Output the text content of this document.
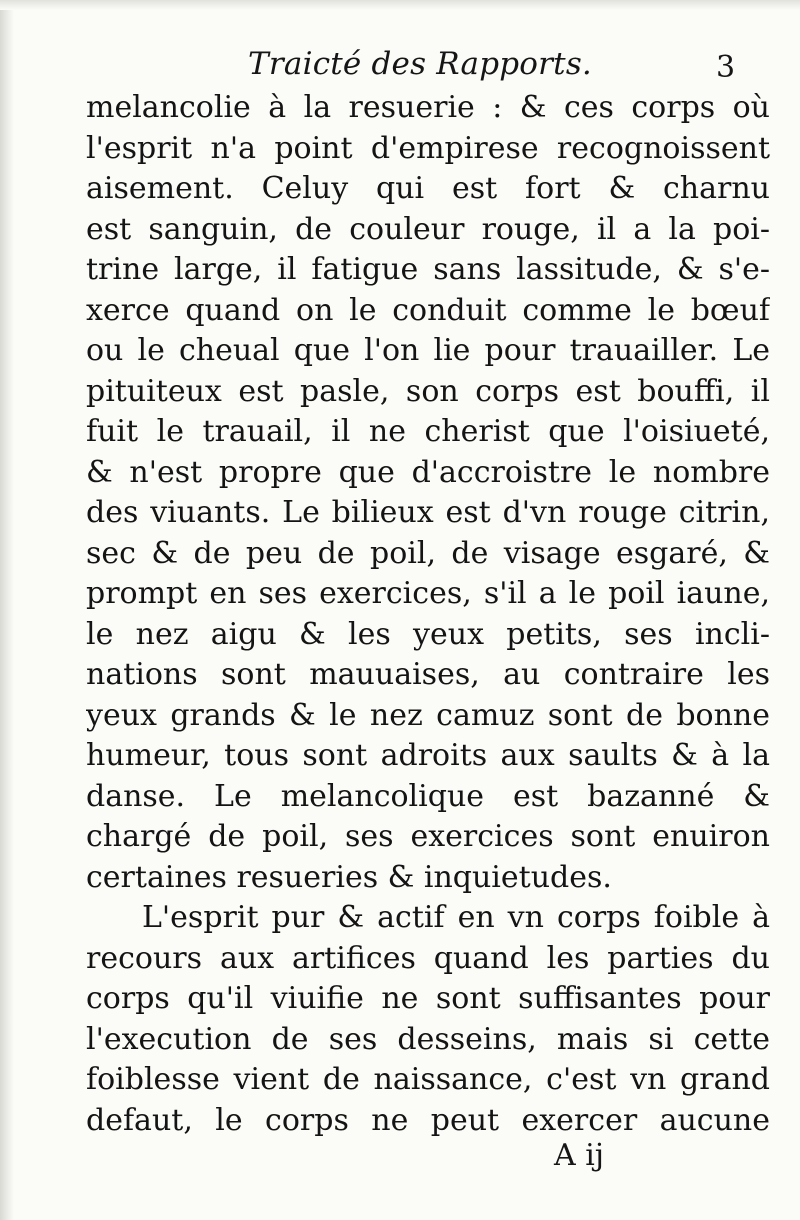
Traicté des Rapports.	3
melancolie à la resuerie : & ces corps où
l'esprit n'a point d'empirese recognoissent
aisement. Celuy qui est fort & charnu
est sanguin, de couleur rouge, il a la poi-
trine large, il fatigue sans lassitude, & s'e-
xerce quand on le conduit comme le bœuf
ou le cheual que l'on lie pour trauailler. Le
pituiteux est pasle, son corps est bouffi, il
fuit le trauail, il ne cherist que l'oisiueté,
& n'est propre que d'accroistre le nombre
des viuants. Le bilieux est d'vn rouge citrin,
sec & de peu de poil, de visage esgaré, &
prompt en ses exercices, s'il a le poil iaune,
le nez aigu & les yeux petits, ses incli-
nations sont mauuaises, au contraire les
yeux grands & le nez camuz sont de bonne
humeur, tous sont adroits aux saults & à la
danse. Le melancolique est bazanné &
chargé de poil, ses exercices sont enuiron
certaines resueries & inquietudes.
L'esprit pur & actif en vn corps foible à
recours aux artifices quand les parties du
corps qu'il viuifie ne sont suffisantes pour
l'execution de ses desseins, mais si cette
foiblesse vient de naissance, c'est vn grand
defaut, le corps ne peut exercer aucune
A ij
